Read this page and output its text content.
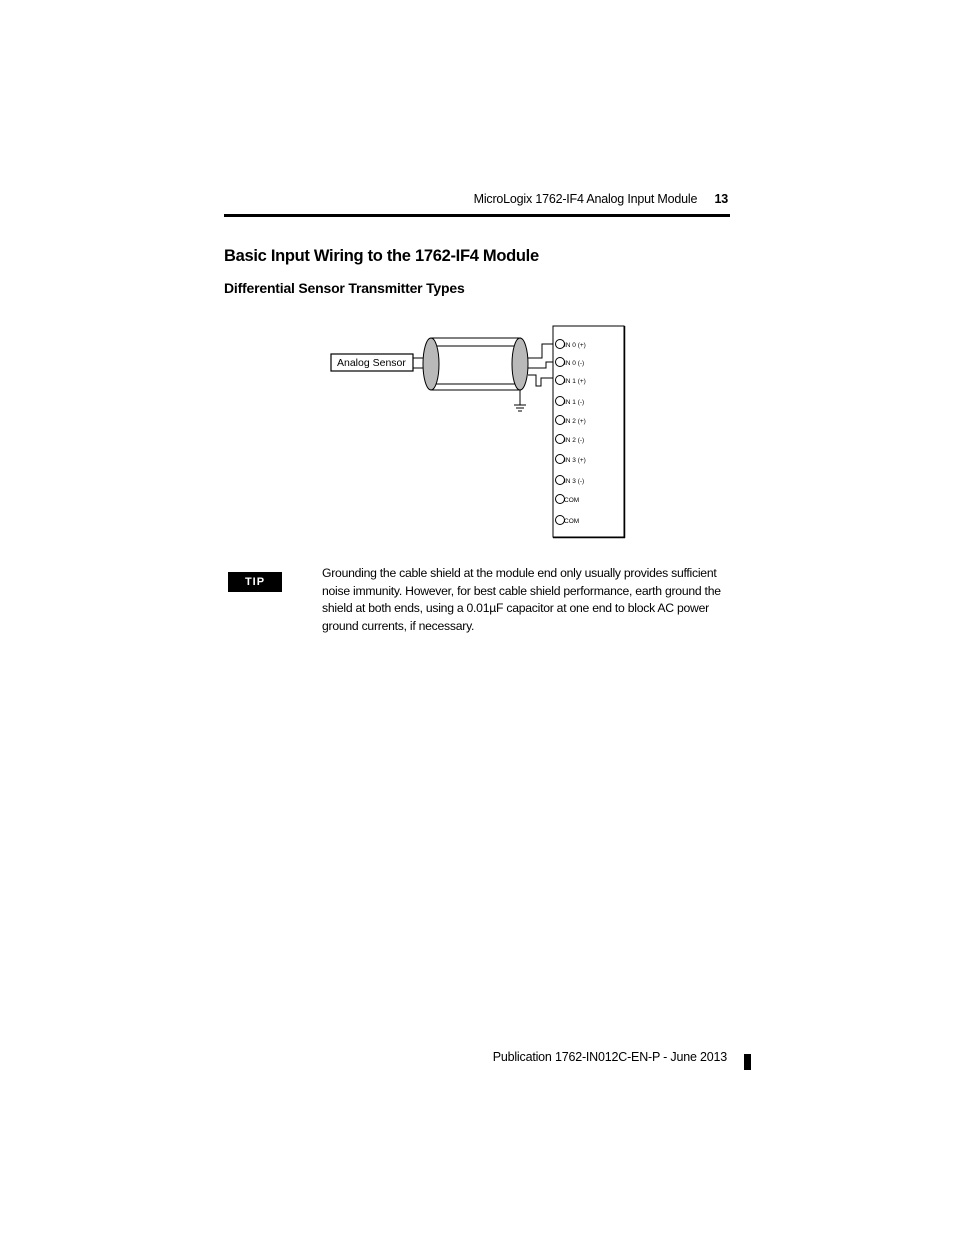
MicroLogix 1762-IF4 Analog Input Module 13
Basic Input Wiring to the 1762-IF4 Module
Differential Sensor Transmitter Types
Analog Sensor
IN 0 (+)
IN 0 (-)
IN 1 (+)
IN 1 (-)
IN 2 (+)
IN 2 (-)
IN 3 (+)
IN 3 (-)
COM
COM
TIP

Grounding the cable shield at the module end only usually provides sufficient noise immunity. However, for best cable shield performance, earth ground the shield at both ends, using a 0.01µF capacitor at one end to block AC power ground currents, if necessary.

Publication 1762-IN012C-EN-P - June 2013
